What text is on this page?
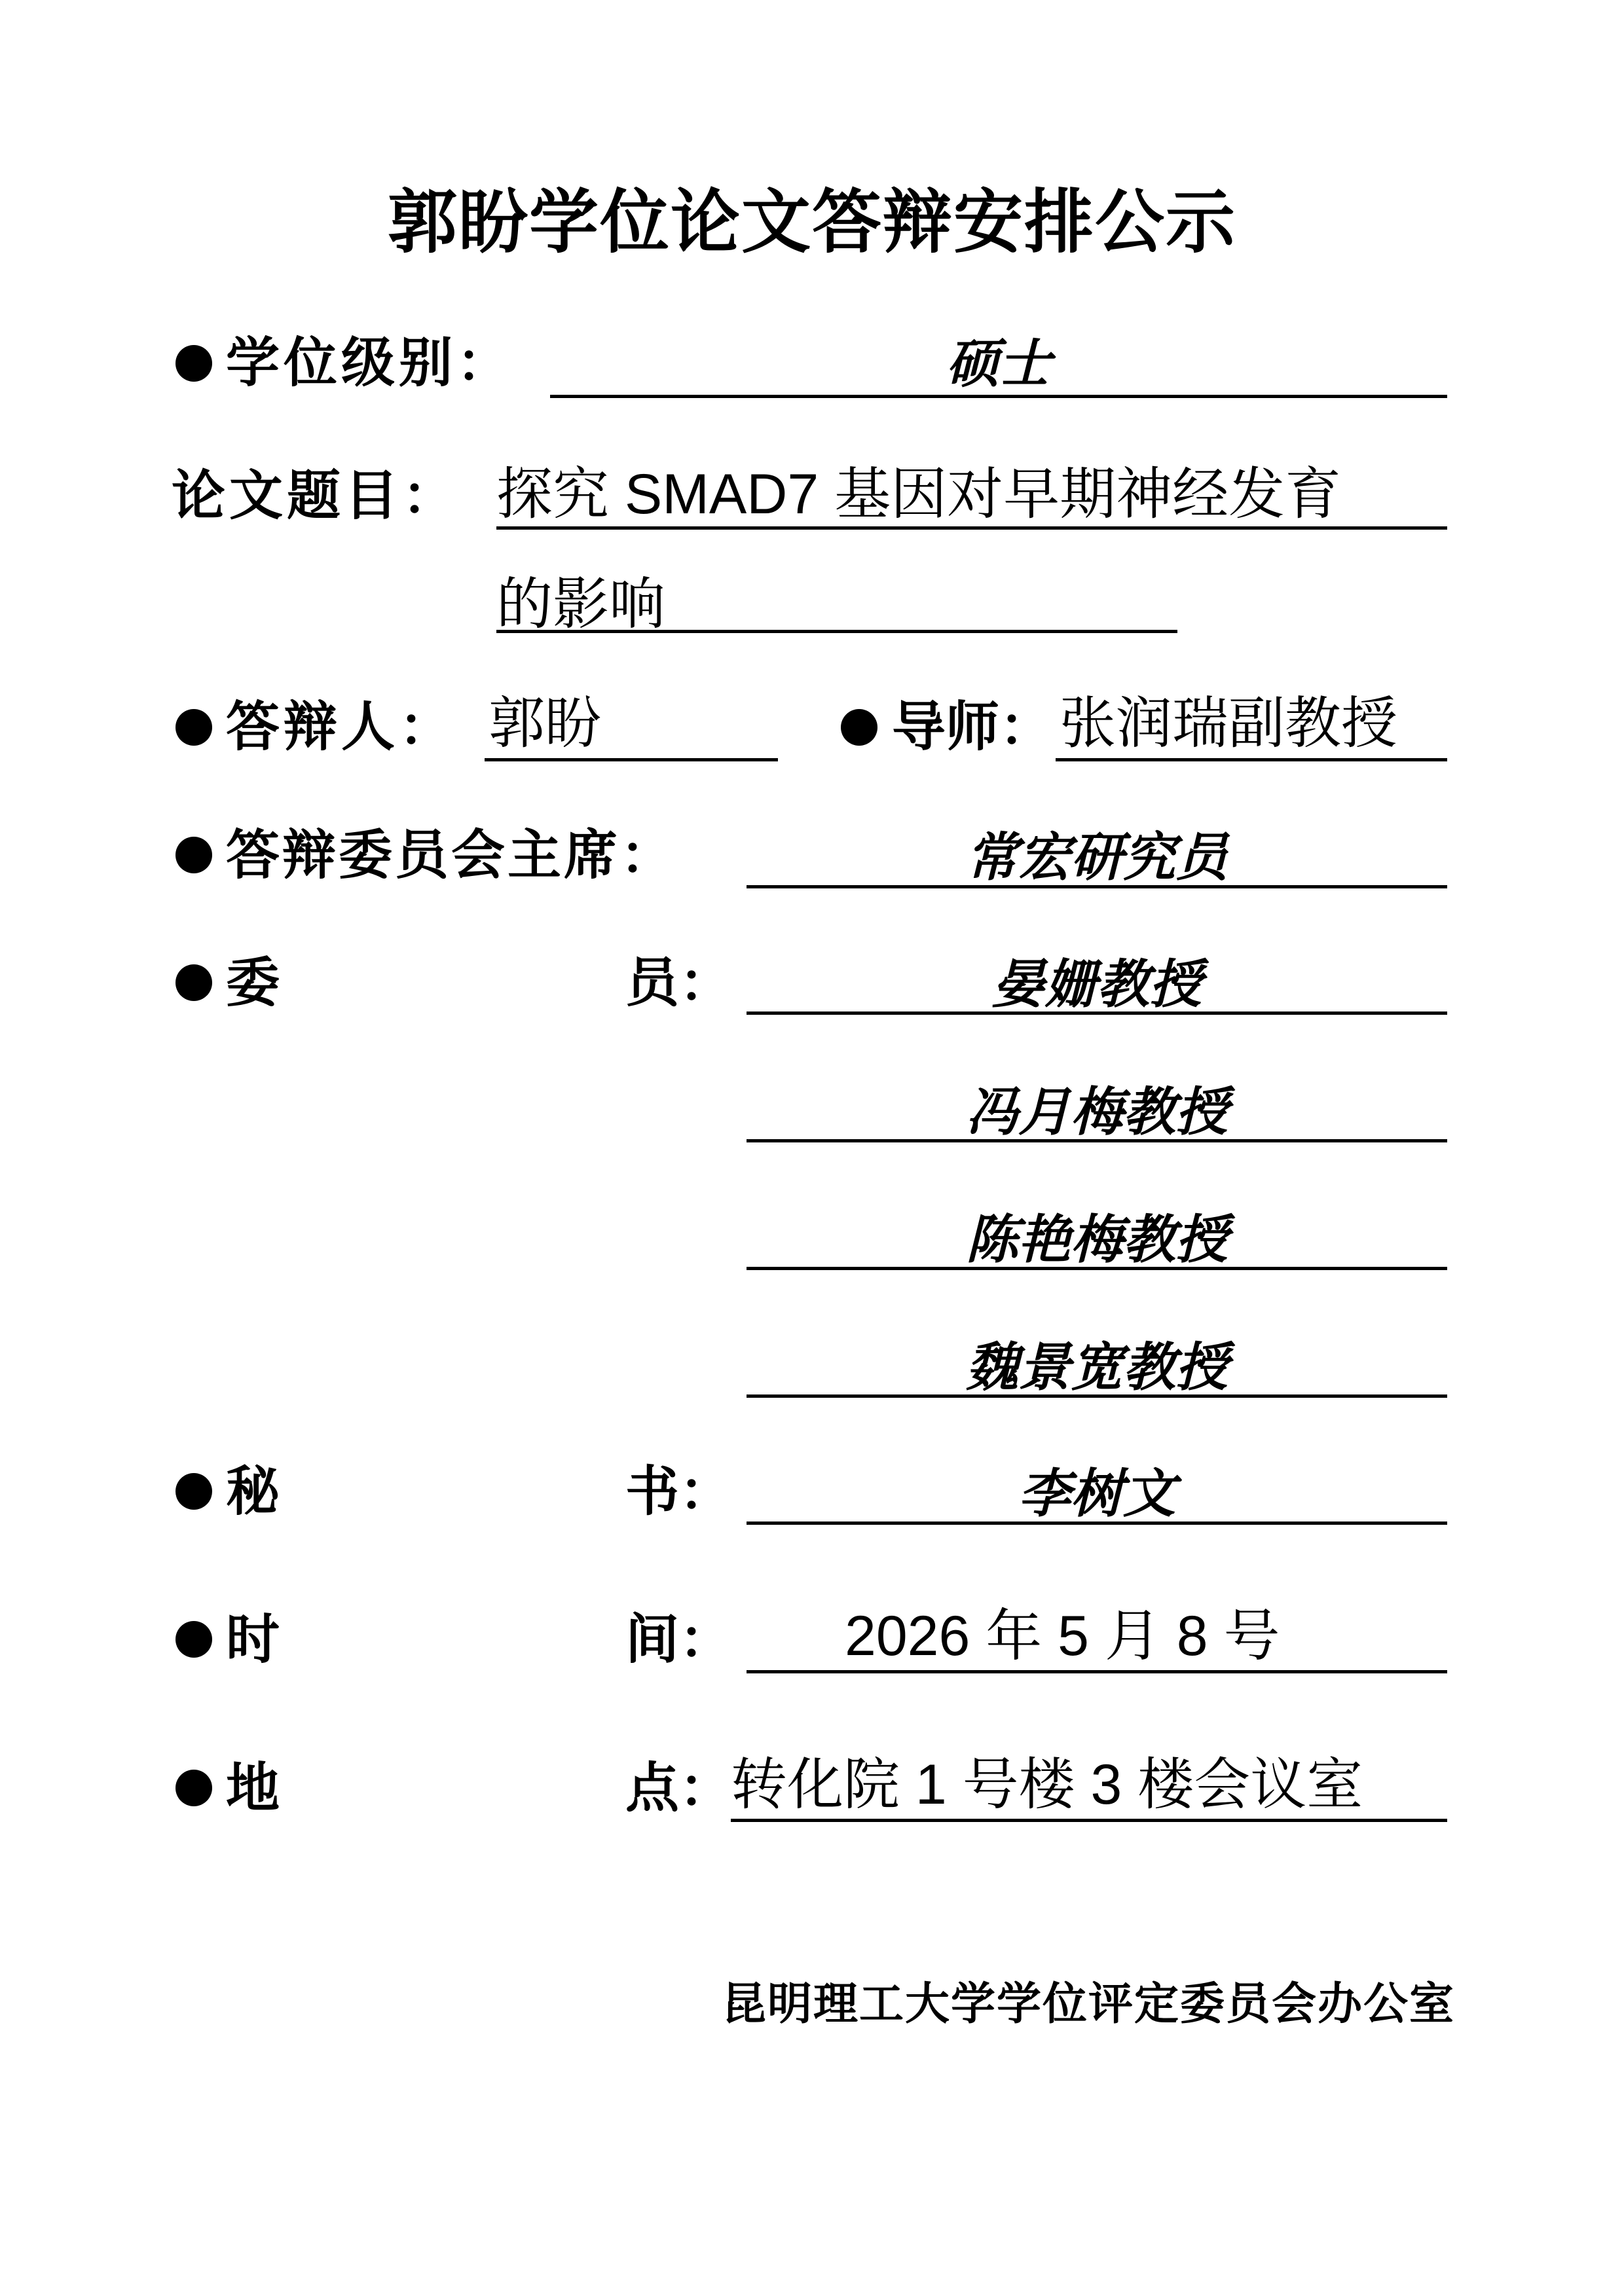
郭盼学位论文答辩安排公示
学位级别：	硕士
论文题目： 探究 SMAD7 基因对早期神经发育
的影响
答辩人： 郭盼	导师： 张润瑞副教授
答辩委员会主席：	常宏研究员
委	员：	晏姗教授
冯月梅教授
陈艳梅教授
魏景宽教授
秘	书：	李树文
时	间： 2026 年 5 月 8 号
地	点：
转化院 1 号楼 3 楼会议室
昆明理工大学学位评定委员会办公室
